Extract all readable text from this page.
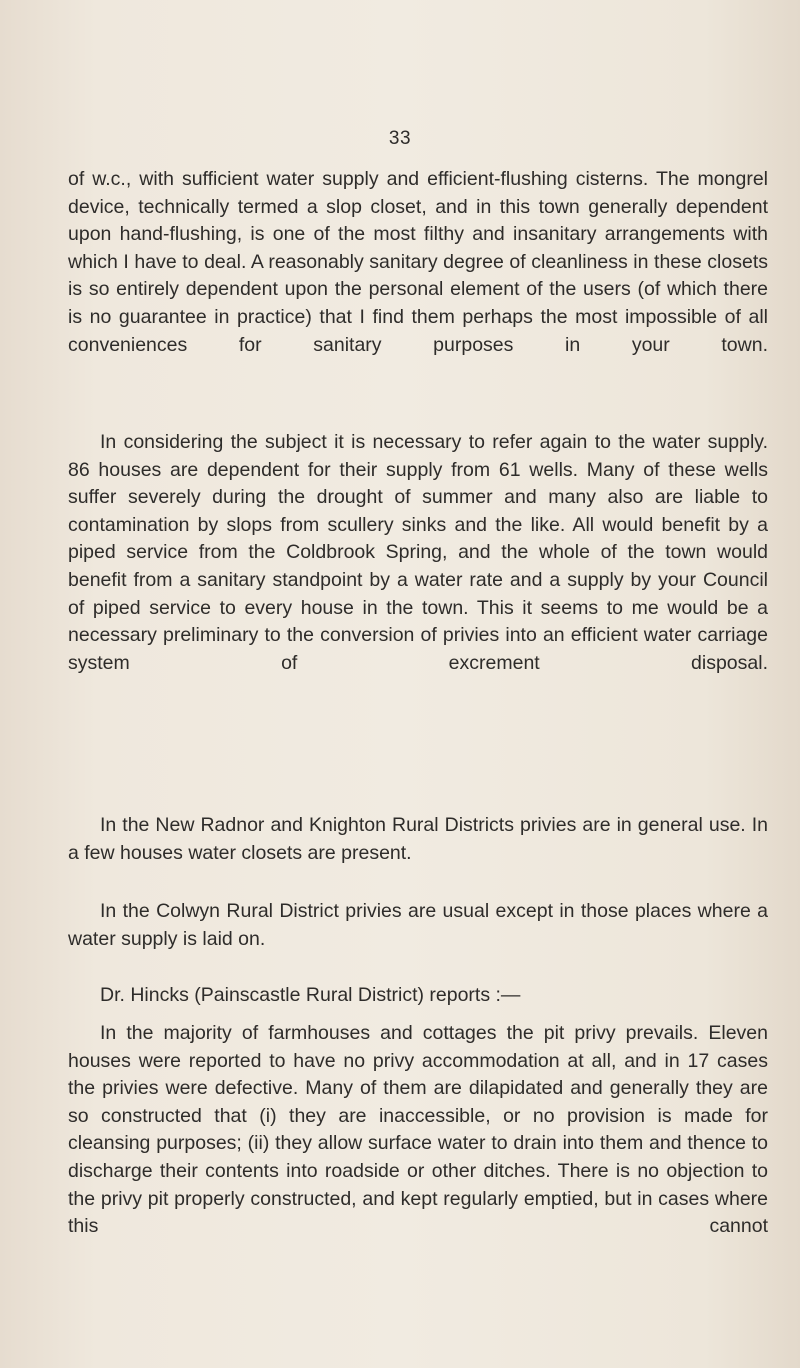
33

of w.c., with sufficient water supply and efficient-flushing cisterns. The mongrel device, technically termed a slop closet, and in this town generally dependent upon hand-flushing, is one of the most filthy and insanitary arrangements with which I have to deal. A reasonably sanitary degree of cleanliness in these closets is so entirely dependent upon the personal element of the users (of which there is no guarantee in practice) that I find them perhaps the most impossible of all conveniences for sanitary purposes in your town.

In considering the subject it is necessary to refer again to the water supply. 86 houses are dependent for their supply from 61 wells. Many of these wells suffer severely during the drought of summer and many also are liable to contamination by slops from scullery sinks and the like. All would benefit by a piped service from the Coldbrook Spring, and the whole of the town would benefit from a sanitary standpoint by a water rate and a supply by your Council of piped service to every house in the town. This it seems to me would be a necessary preliminary to the conversion of privies into an efficient water carriage system of excrement disposal.

In the New Radnor and Knighton Rural Districts privies are in general use. In a few houses water closets are present.

In the Colwyn Rural District privies are usual except in those places where a water supply is laid on.

Dr. Hincks (Painscastle Rural District) reports :—

In the majority of farmhouses and cottages the pit privy prevails. Eleven houses were reported to have no privy accommodation at all, and in 17 cases the privies were defective. Many of them are dilapidated and generally they are so constructed that (i) they are inaccessible, or no provision is made for cleansing purposes; (ii) they allow surface water to drain into them and thence to discharge their contents into roadside or other ditches. There is no objection to the privy pit properly constructed, and kept regularly emptied, but in cases where this cannot
